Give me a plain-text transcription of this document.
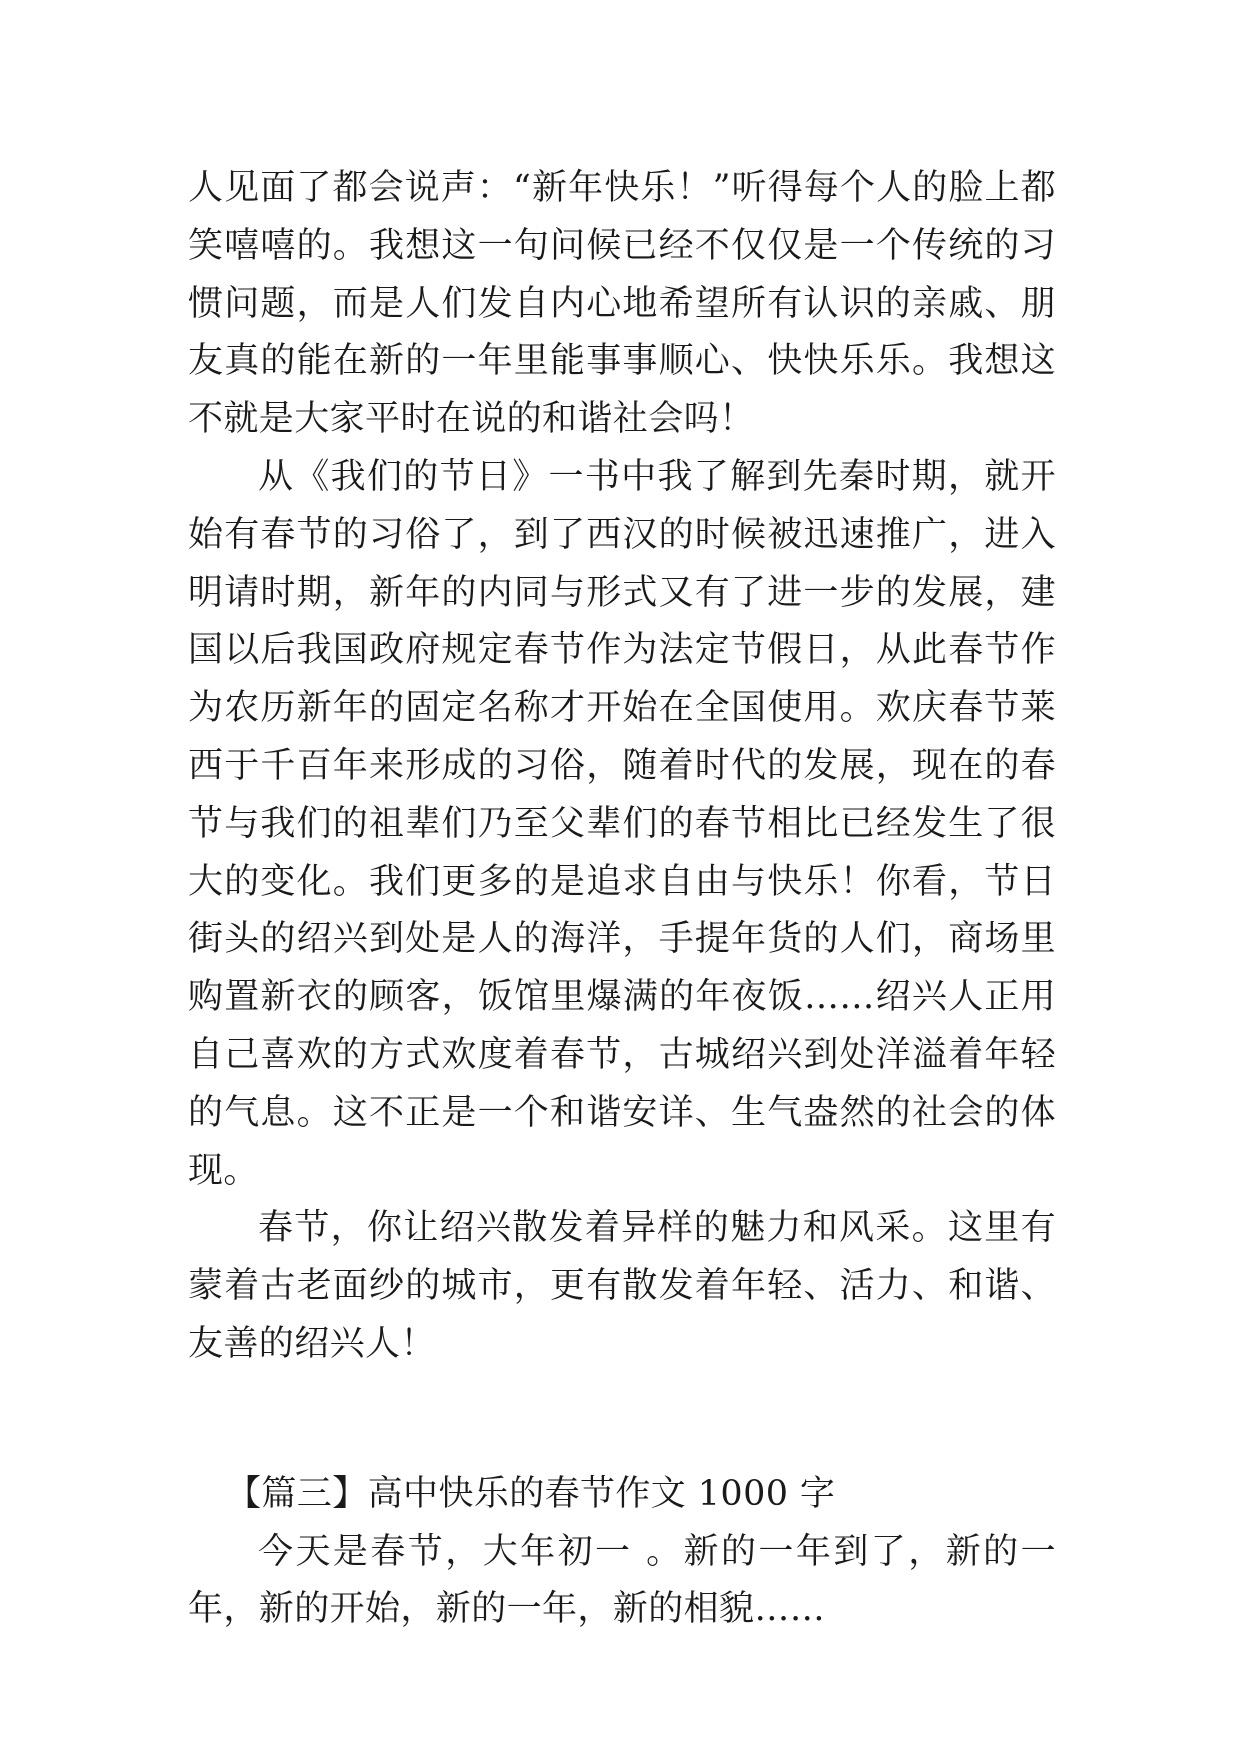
人见面了都会说声：“新年快乐！”听得每个人的脸上都笑嘻嘻的。我想这一句问候已经不仅仅是一个传统的习惯问题，而是人们发自内心地希望所有认识的亲戚、朋友真的能在新的一年里能事事顺心、快快乐乐。我想这不就是大家平时在说的和谐社会吗！

从《我们的节日》一书中我了解到先秦时期，就开始有春节的习俗了，到了西汉的时候被迅速推广，进入明请时期，新年的内同与形式又有了进一步的发展，建国以后我国政府规定春节作为法定节假日，从此春节作为农历新年的固定名称才开始在全国使用。欢庆春节莱西于千百年来形成的习俗，随着时代的发展，现在的春节与我们的祖辈们乃至父辈们的春节相比已经发生了很大的变化。我们更多的是追求自由与快乐！你看，节日街头的绍兴到处是人的海洋，手提年货的人们，商场里购置新衣的顾客，饭馆里爆满的年夜饭……绍兴人正用自己喜欢的方式欢度着春节，古城绍兴到处洋溢着年轻的气息。这不正是一个和谐安详、生气盎然的社会的体现。

春节，你让绍兴散发着异样的魅力和风采。这里有蒙着古老面纱的城市，更有散发着年轻、活力、和谐、友善的绍兴人！

【篇三】高中快乐的春节作文 1000 字

今天是春节，大年初一 。新的一年到了，新的一年，新的开始，新的一年，新的相貌……
